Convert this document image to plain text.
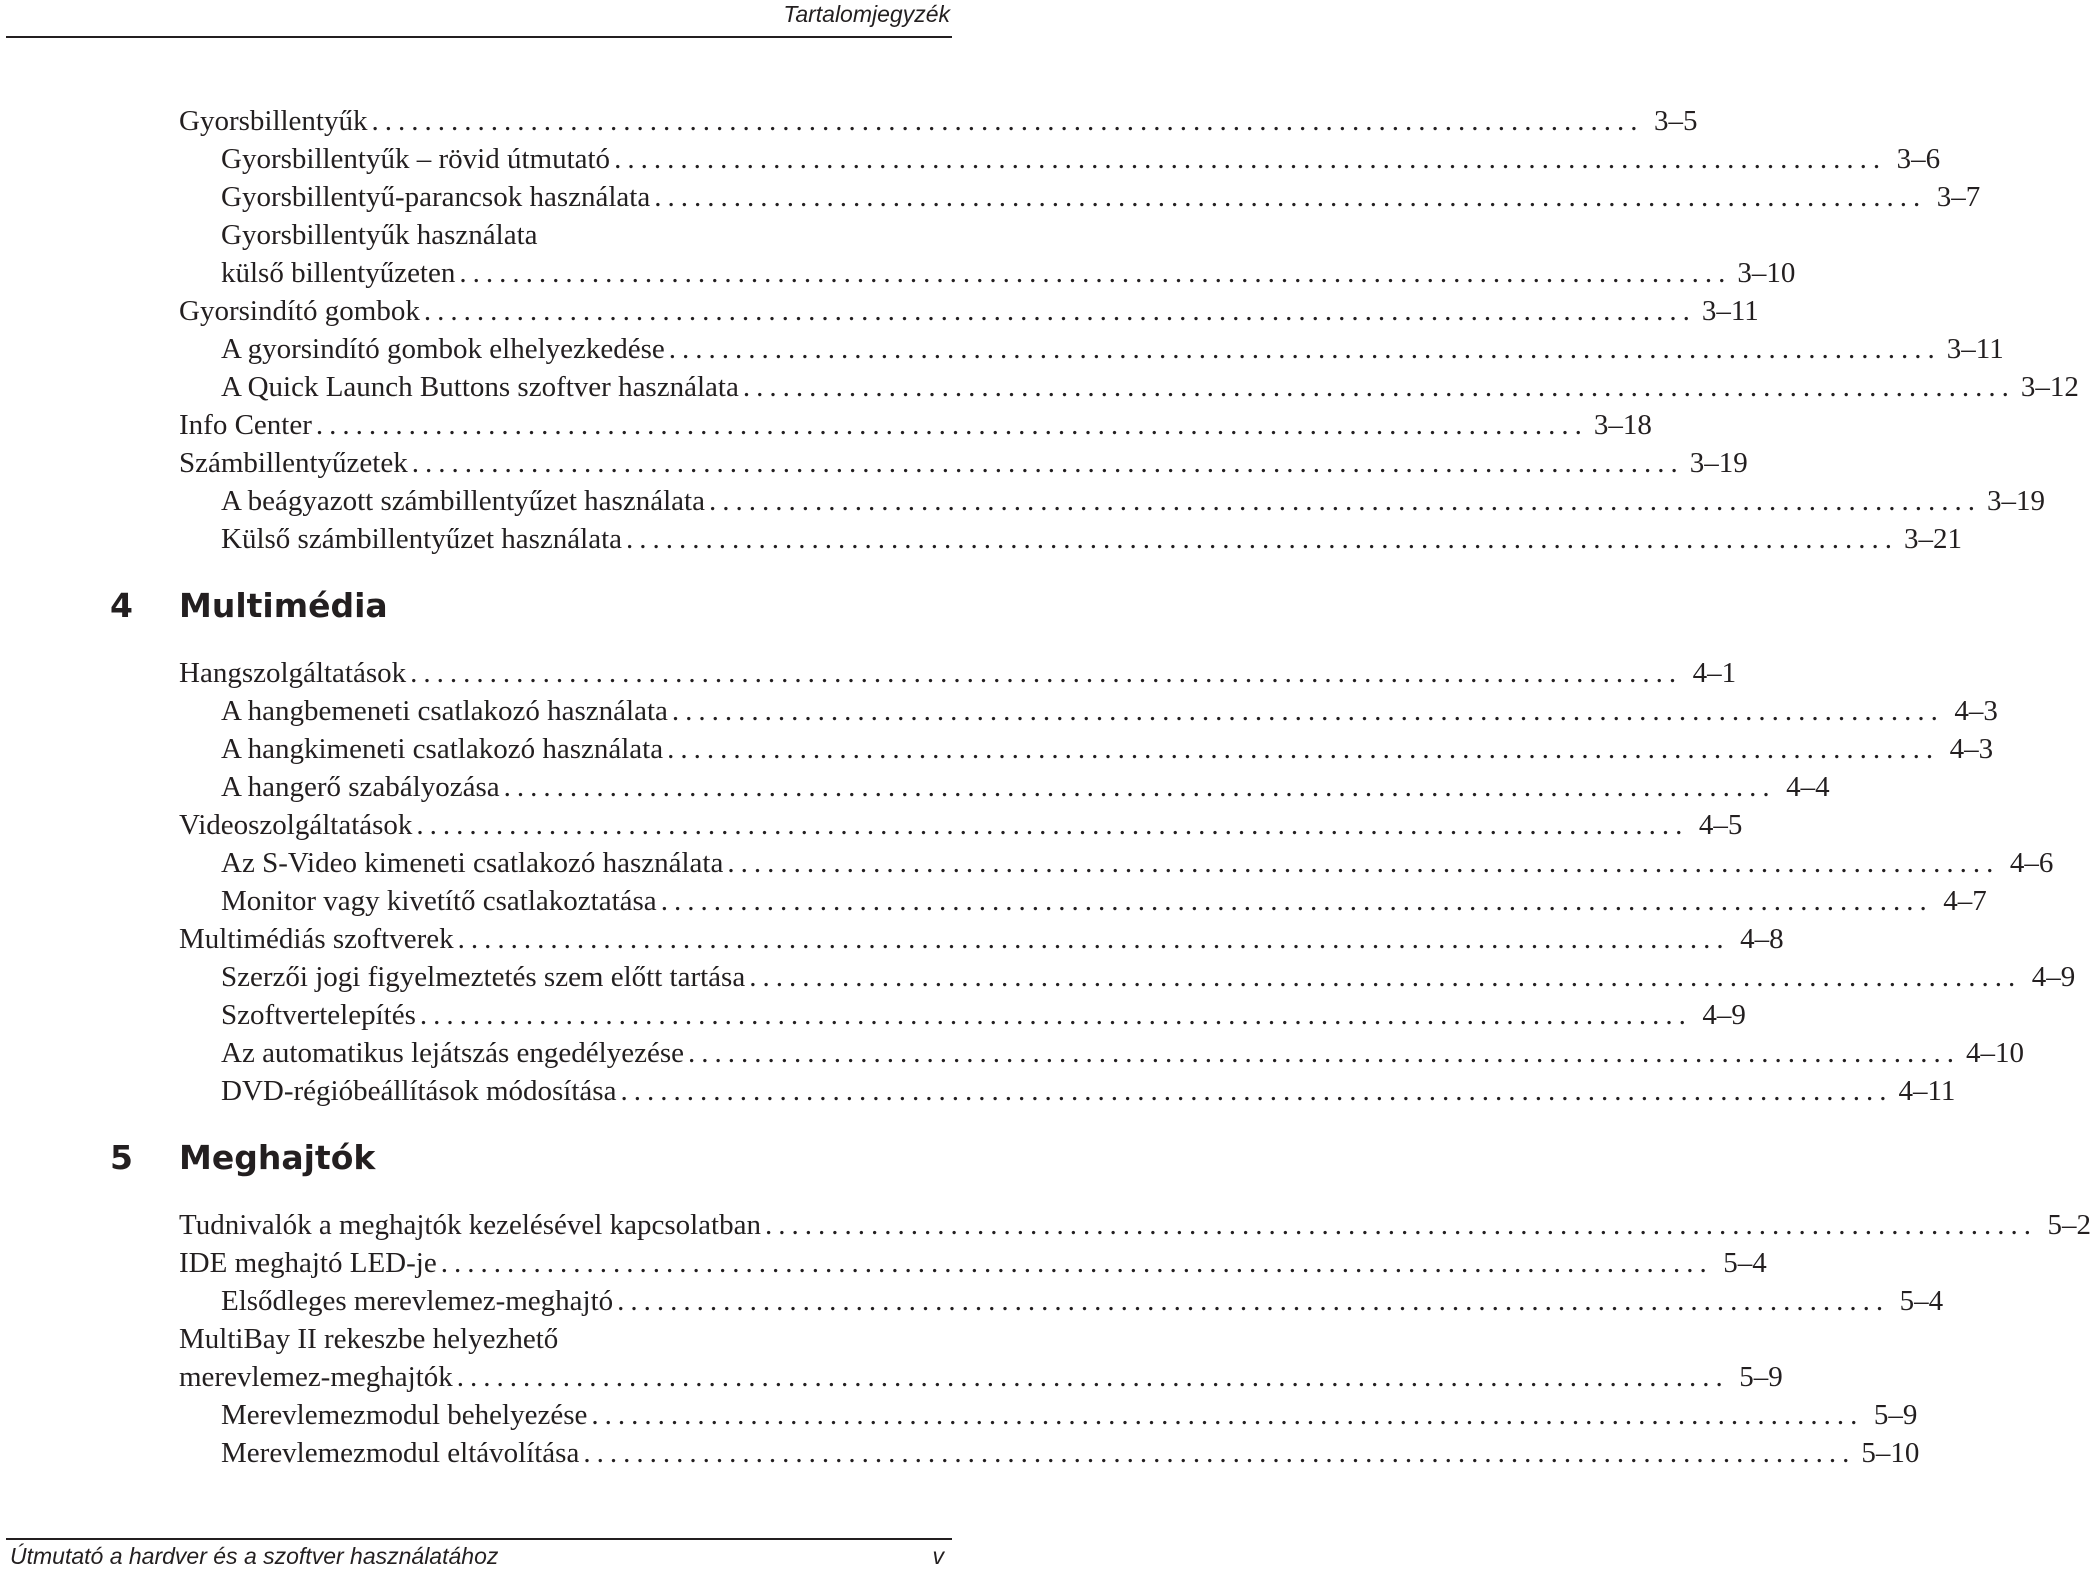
Tartalomjegyzék
Gyorsbillentyűk ................................................................................................ 3–5
Gyorsbillentyűk – rövid útmutató ................................................................................................ 3–6
Gyorsbillentyű-parancsok használata ................................................................................................ 3–7
Gyorsbillentyűk használata
külső billentyűzeten ................................................................................................ 3–10
Gyorsindító gombok ................................................................................................ 3–11
A gyorsindító gombok elhelyezkedése ................................................................................................ 3–11
A Quick Launch Buttons szoftver használata ................................................................................................ 3–12
Info Center ................................................................................................ 3–18
Számbillentyűzetek ................................................................................................ 3–19
A beágyazott számbillentyűzet használata ................................................................................................ 3–19
Külső számbillentyűzet használata ................................................................................................ 3–21
4 Multimédia
Hangszolgáltatások ................................................................................................ 4–1
A hangbemeneti csatlakozó használata ................................................................................................ 4–3
A hangkimeneti csatlakozó használata ................................................................................................ 4–3
A hangerő szabályozása ................................................................................................ 4–4
Videoszolgáltatások ................................................................................................ 4–5
Az S-Video kimeneti csatlakozó használata ................................................................................................ 4–6
Monitor vagy kivetítő csatlakoztatása ................................................................................................ 4–7
Multimédiás szoftverek ................................................................................................ 4–8
Szerzői jogi figyelmeztetés szem előtt tartása ................................................................................................ 4–9
Szoftvertelepítés ................................................................................................ 4–9
Az automatikus lejátszás engedélyezése ................................................................................................ 4–10
DVD-régióbeállítások módosítása ................................................................................................ 4–11
5 Meghajtók
Tudnivalók a meghajtók kezelésével kapcsolatban ................................................................................................ 5–2
IDE meghajtó LED-je ................................................................................................ 5–4
Elsődleges merevlemez-meghajtó ................................................................................................ 5–4
MultiBay II rekeszbe helyezhető
merevlemez-meghajtók ................................................................................................ 5–9
Merevlemezmodul behelyezése ................................................................................................ 5–9
Merevlemezmodul eltávolítása ................................................................................................ 5–10
Útmutató a hardver és a szoftver használatához	v
